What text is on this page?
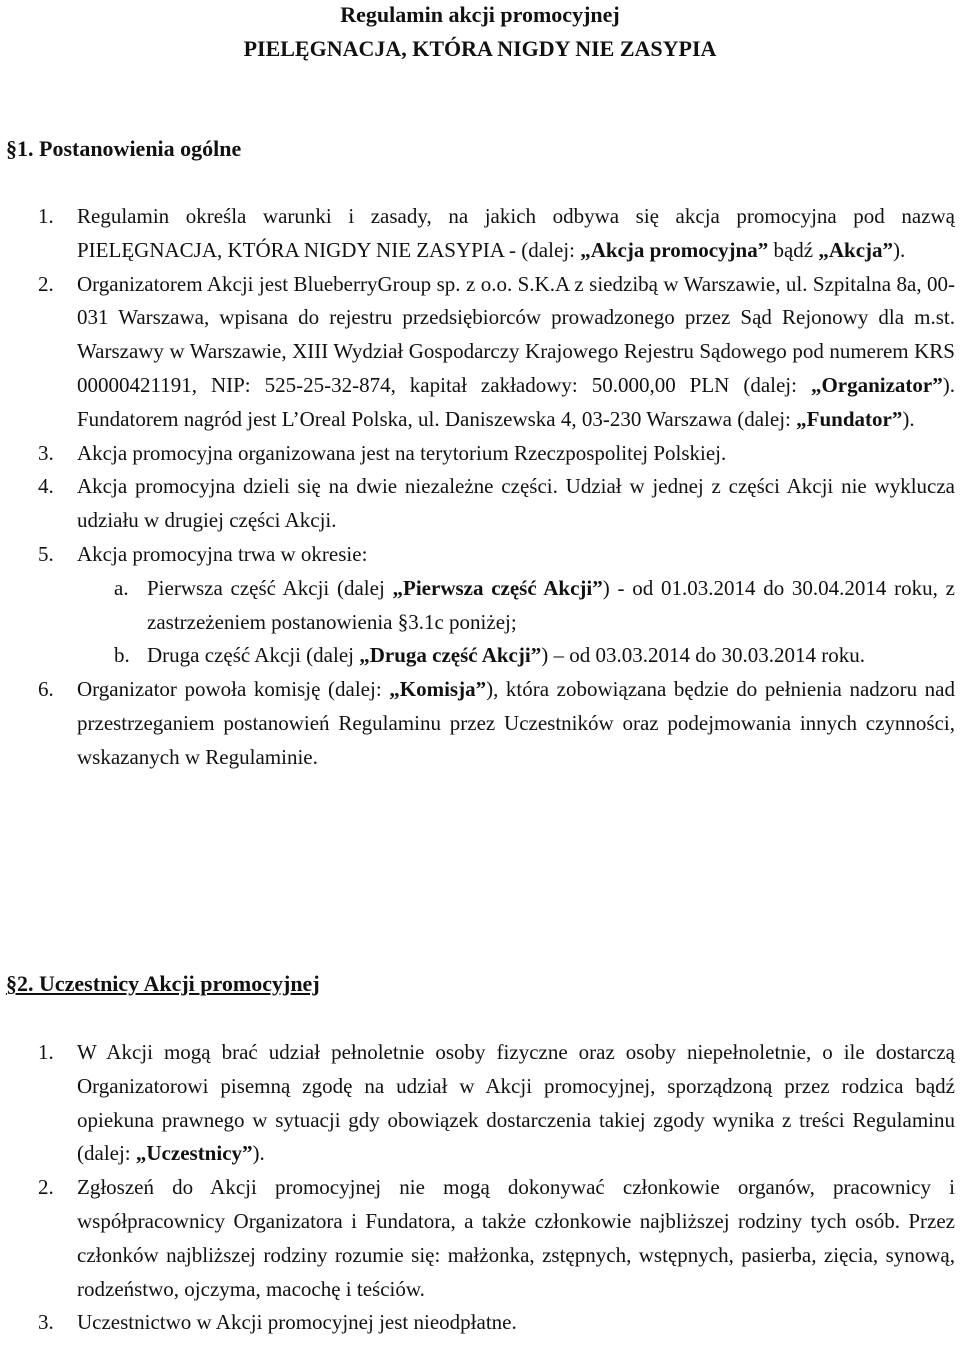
Regulamin akcji promocyjnej

PIELĘGNACJA, KTÓRA NIGDY NIE ZASYPIA

§1. Postanowienia ogólne

1. Regulamin określa warunki i zasady, na jakich odbywa się akcja promocyjna pod nazwą PIELĘGNACJA, KTÓRA NIGDY NIE ZASYPIA - (dalej: „Akcja promocyjna” bądź „Akcja”).
2. Organizatorem Akcji jest BlueberryGroup sp. z o.o. S.K.A z siedzibą w Warszawie, ul. Szpitalna 8a, 00-031 Warszawa, wpisana do rejestru przedsiębiorców prowadzonego przez Sąd Rejonowy dla m.st. Warszawy w Warszawie, XIII Wydział Gospodarczy Krajowego Rejestru Sądowego pod numerem KRS 00000421191, NIP: 525-25-32-874, kapitał zakładowy: 50.000,00 PLN (dalej: „Organizator”). Fundatorem nagród jest L’Oreal Polska, ul. Daniszewska 4, 03-230 Warszawa (dalej: „Fundator”).
3. Akcja promocyjna organizowana jest na terytorium Rzeczpospolitej Polskiej.
4. Akcja promocyjna dzieli się na dwie niezależne części. Udział w jednej z części Akcji nie wyklucza udziału w drugiej części Akcji.
5. Akcja promocyjna trwa w okresie:
a. Pierwsza część Akcji (dalej „Pierwsza część Akcji”) - od 01.03.2014 do 30.04.2014 roku, z zastrzeżeniem postanowienia §3.1c poniżej;
b. Druga część Akcji (dalej „Druga część Akcji”) – od 03.03.2014 do 30.03.2014 roku.
6. Organizator powoła komisję (dalej: „Komisja”), która zobowiązana będzie do pełnienia nadzoru nad przestrzeganiem postanowień Regulaminu przez Uczestników oraz podejmowania innych czynności, wskazanych w Regulaminie.

§2. Uczestnicy Akcji promocyjnej

1. W Akcji mogą brać udział pełnoletnie osoby fizyczne oraz osoby niepełnoletnie, o ile dostarczą Organizatorowi pisemną zgodę na udział w Akcji promocyjnej, sporządzoną przez rodzica bądź opiekuna prawnego w sytuacji gdy obowiązek dostarczenia takiej zgody wynika z treści Regulaminu (dalej: „Uczestnicy”).
2. Zgłoszeń do Akcji promocyjnej nie mogą dokonywać członkowie organów, pracownicy i współpracownicy Organizatora i Fundatora, a także członkowie najbliższej rodziny tych osób. Przez członków najbliższej rodziny rozumie się: małżonka, zstępnych, wstępnych, pasierba, zięcia, synową, rodzeństwo, ojczyma, macochę i teściów.
3. Uczestnictwo w Akcji promocyjnej jest nieodpłatne.
